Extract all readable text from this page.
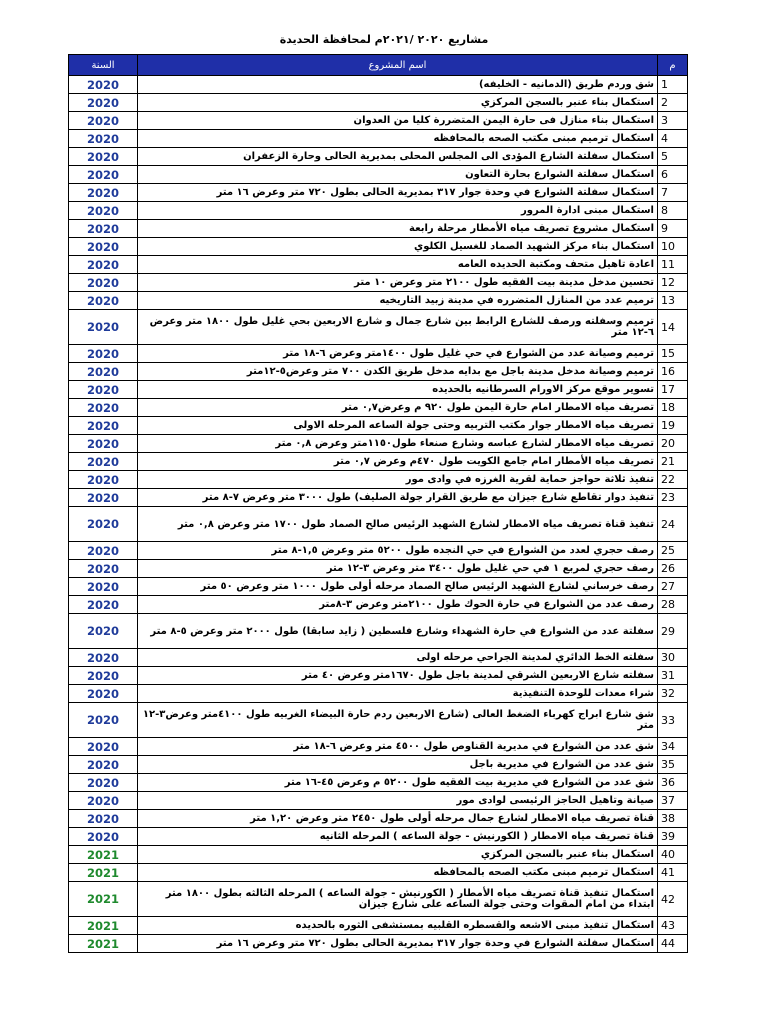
مشاريع ٢٠٢٠ /٢٠٢١م لمحافظة الحديدة
م	اسم المشروع	السنة
1	شق وردم طريق (الدمانيه - الخليفه)	2020
2	استكمال بناء عنبر بالسجن المركزي	2020
3	استكمال بناء منازل فى حارة اليمن المتضررة كليا من العدوان	2020
4	استكمال ترميم مبنى مكتب الصحه بالمحافظه	2020
5	استكمال سفلتة الشارع المؤدى الى المجلس المحلى بمديرية الحالى وحارة الزعفران	2020
6	استكمال سفلتة الشوارع بحارة التعاون	2020
7	استكمال سفلتة الشوارع في وحدة جوار ٣١٧ بمديرية الحالى بطول ٧٢٠ متر وعرض ١٦ متر	2020
8	استكمال مبنى ادارة المرور	2020
9	استكمال مشروع تصريف مياه الأمطار مرحلة رابعة	2020
10	استكمال بناء مركز الشهيد الصماد للغسيل الكلوي	2020
11	اعادة تاهيل متحف ومكتبة الحديده العامه	2020
12	تحسين مدخل مدينة بيت الفقيه طول ٢١٠٠ متر وعرض ١٠ متر	2020
13	ترميم عدد من المنازل المتضرره في مدينة زبيد التاريخيه	2020
14	ترميم وسفلته ورصف للشارع الرابط بين شارع جمال و شارع الاربعين بحي غليل طول ١٨٠٠ متر وعرض ٦-١٢ متر	2020
15	ترميم وصيانة عدد من الشوارع في حي غليل طول ١٤٠٠متر وعرض ٦-١٨ متر	2020
16	ترميم وصيانة مدخل مدينة باجل مع بدايه مدخل طريق الكدن ٧٠٠ متر وعرض٥-١٢متر	2020
17	تسوير موقع مركز الاورام السرطانيه بالحديده	2020
18	تصريف مياه الامطار امام حارة اليمن طول ٩٢٠ م وعرض٠,٧ متر	2020
19	تصريف مياه الامطار جوار مكتب التربيه وحتى جولة الساعه المرحله الاولى	2020
20	تصريف مياه الامطار لشارع عباسه وشارع صنعاء طول١١٥٠متر وعرض ٠,٨ متر	2020
21	تصريف مياه الأمطار امام جامع الكويت طول ٤٧٠م وعرض ٠,٧ متر	2020
22	تنفيذ ثلاثة حواجز حماية لقرية الغرزه في وادى مور	2020
23	تنفيذ دوار تقاطع شارع جيزان مع طريق القرار جولة الصليف) طول ٣٠٠٠ متر وعرض ٧-٨ متر	2020
24	تنفيذ قناة تصريف مياه الامطار لشارع الشهيد الرئيس صالح الصماد طول ١٧٠٠ متر وعرض ٠,٨ متر	2020
25	رصف حجري لعدد من الشوارع في حي النجده طول ٥٢٠٠ متر وعرض ١,٥-٨ متر	2020
26	رصف حجري لمربع ١ في حي غليل طول ٣٤٠٠ متر وعرض ٣-١٢ متر	2020
27	رصف خرساني لشارع الشهيد الرئيس صالح الصماد مرحله أولى طول ١٠٠٠ متر وعرض ٥٠ متر	2020
28	رصف عدد من الشوارع في حارة الحوك طول ٢١٠٠متر وعرض ٣-٨متر	2020
29	سفلتة عدد من الشوارع في حارة الشهداء وشارع فلسطين ( زايد سابقا) طول ٢٠٠٠ متر وعرض ٥-٨ متر	2020
30	سفلته الخط الدائري لمدينة الجراحي مرحله اولى	2020
31	سفلته شارع الاربعين الشرقي لمدينة باجل طول ١٦٧٠متر وعرض ٤٠ متر	2020
32	شراء معدات للوحدة التنفيذية	2020
33	شق شارع ابراج كهرباء الضغط العالى (شارع الاربعين ردم حارة البيضاء الغربيه طول ٤١٠٠متر وعرض٣-١٢ متر	2020
34	شق عدد من الشوارع في مديرية القناوص طول ٤٥٠٠ متر وعرض ٦-١٨ متر	2020
35	شق عدد من الشوارع في مديرية باجل	2020
36	شق عدد من الشوارع في مديرية بيت الفقيه طول ٥٢٠٠ م وعرض ٤٥-١٦ متر	2020
37	صيانة وتاهيل الحاجز الرئيسى لوادى مور	2020
38	قناة تصريف مياه الامطار لشارع جمال مرحله أولى طول ٢٤٥٠ متر وعرض ١,٢٠ متر	2020
39	قناة تصريف مياه الامطار ( الكورنيش - جولة الساعه ) المرحله الثانيه	2020
40	استكمال بناء عنبر بالسجن المركزي	2021
41	استكمال ترميم مبنى مكتب الصحه بالمحافظه	2021
42	استكمال تنفيذ قناة تصريف مياه الأمطار ( الكورنيش - جولة الساعه ) المرحله الثالثه بطول ١٨٠٠ متر ابتداء من امام المقوات وحتى جولة الساعه على شارع جيزان	2021
43	استكمال تنفيذ مبنى الاشعه والقسطره القلبيه بمستشفى الثوره بالحديده	2021
44	استكمال سفلتة الشوارع في وحدة جوار ٣١٧ بمديرية الحالى بطول ٧٢٠ متر وعرض ١٦ متر	2021
